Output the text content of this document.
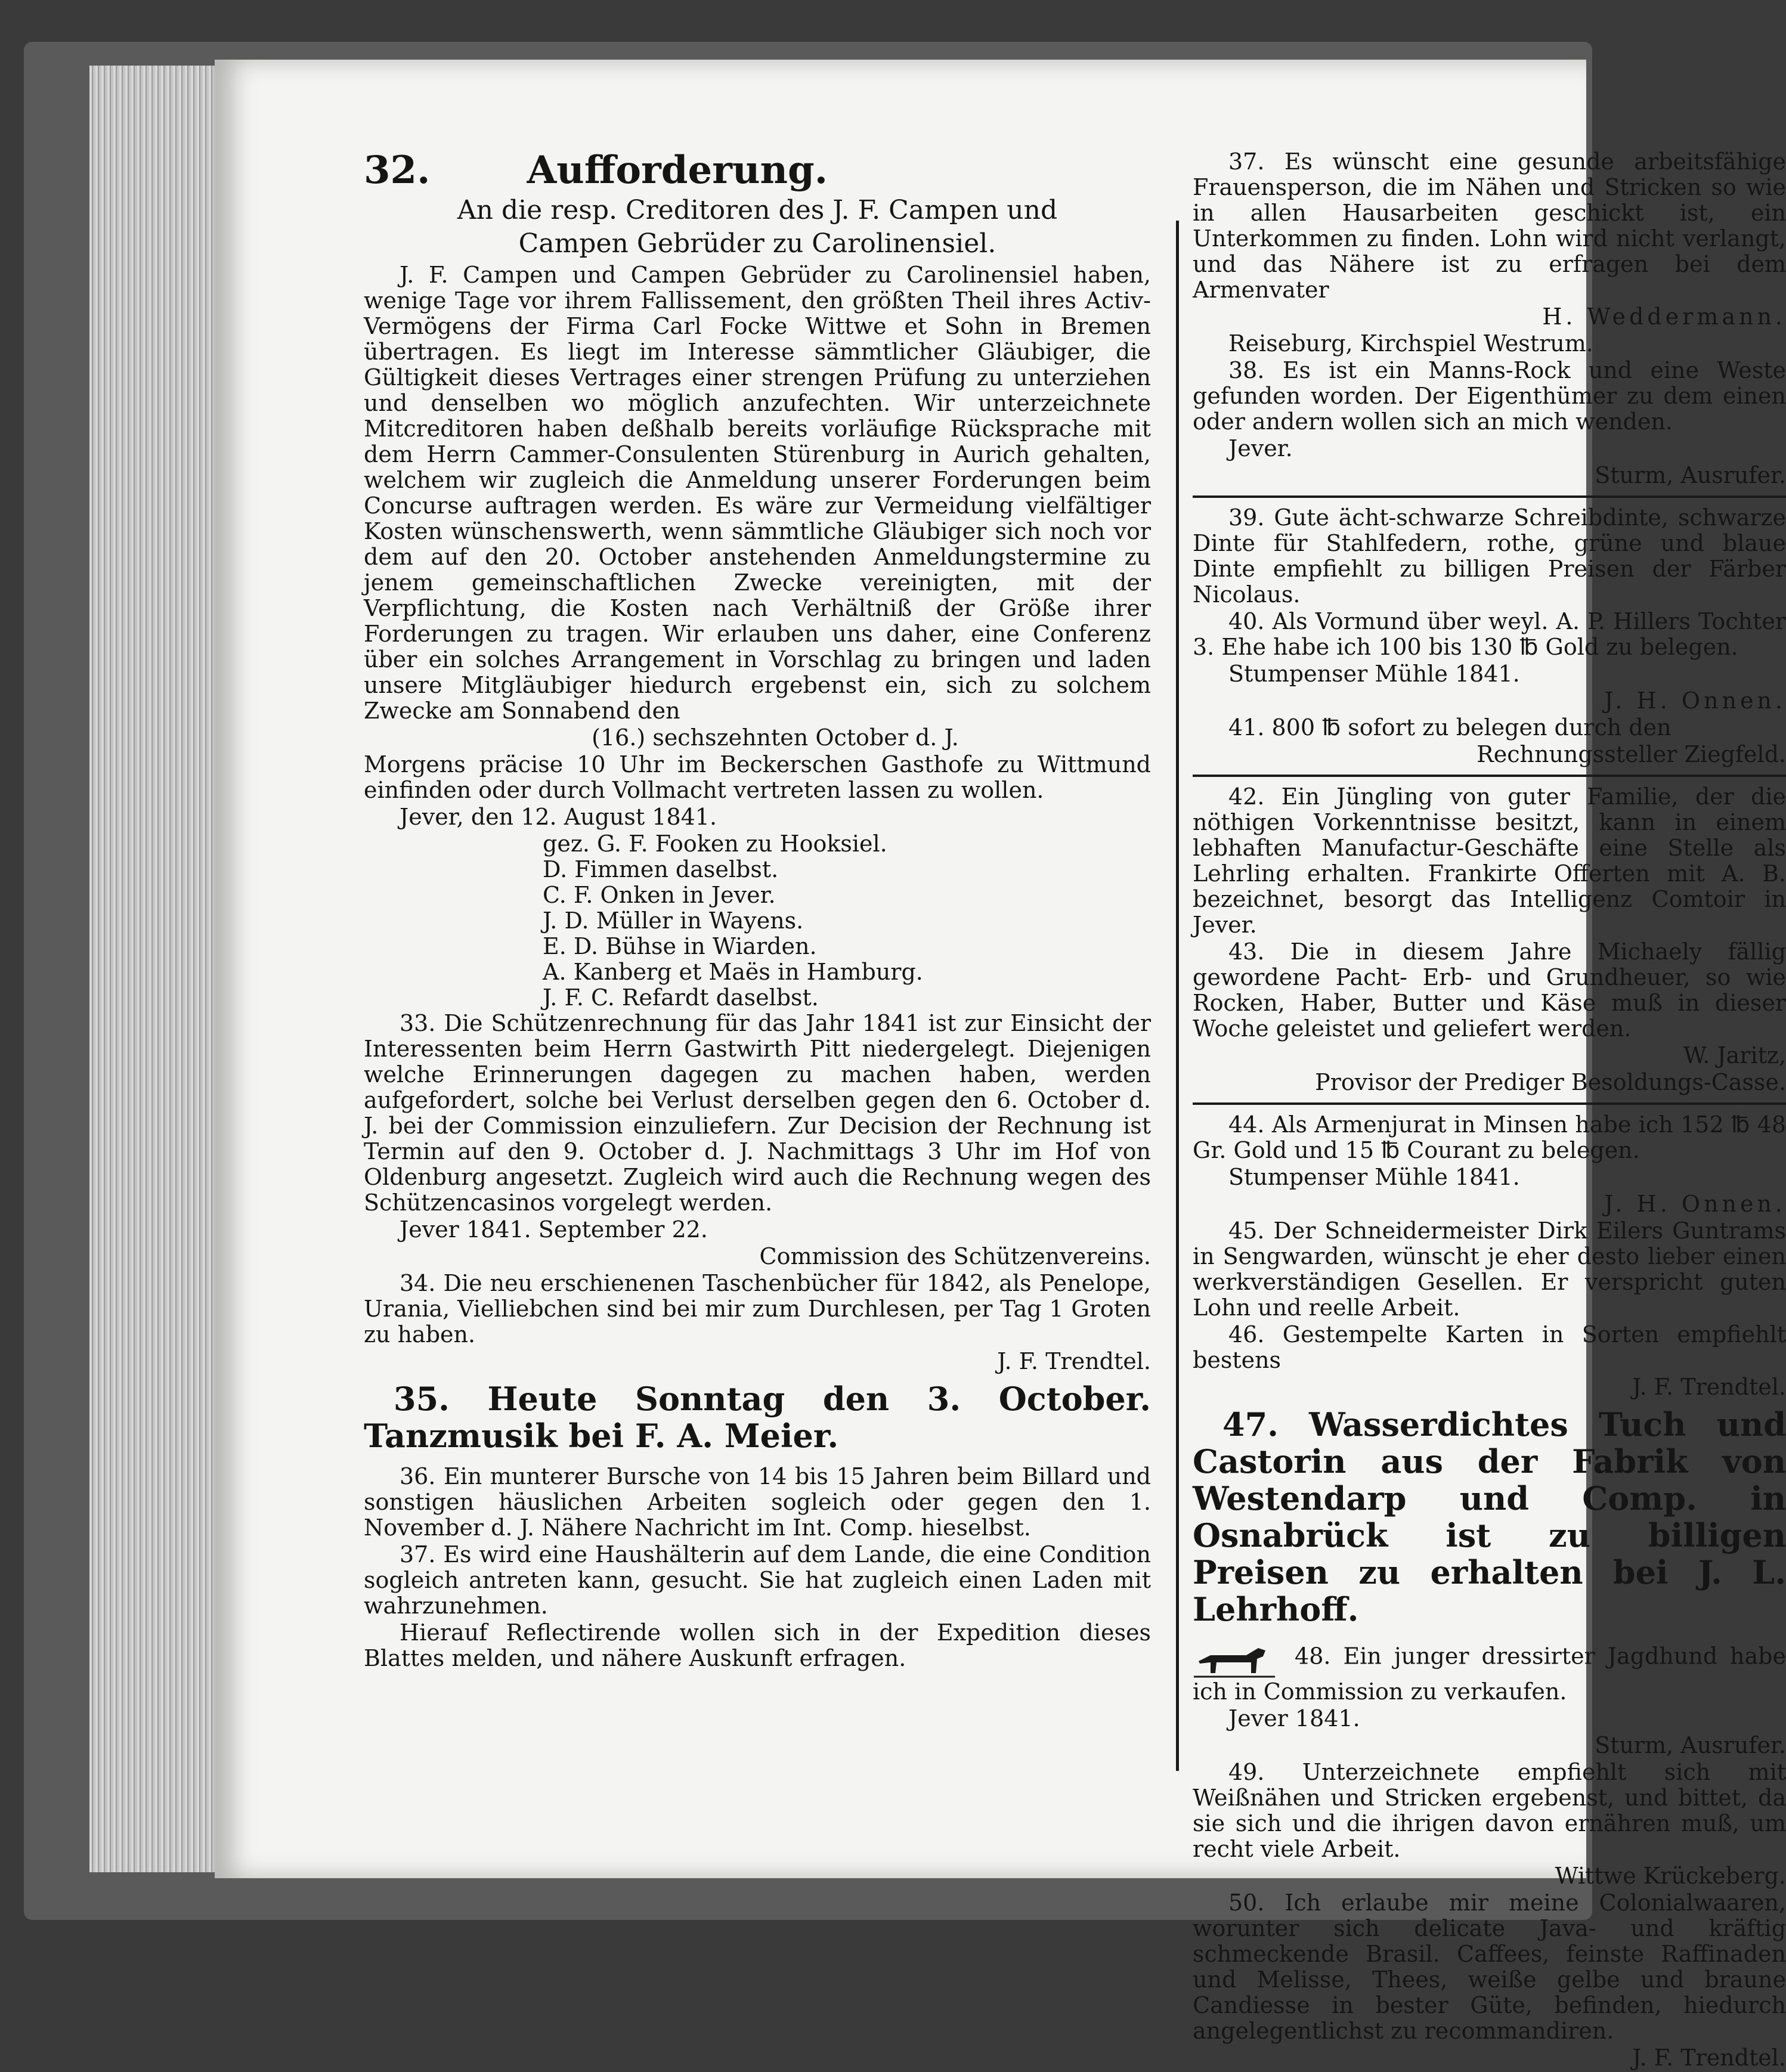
32.	Aufforderung.
An die resp. Creditoren des J. F. Campen und
Campen Gebrüder zu Carolinensiel.

J. F. Campen und Campen Gebrüder zu Carolinensiel haben, wenige Tage vor ihrem Fallissement, den größten Theil ihres Activ-Vermögens der Firma Carl Focke Wittwe et Sohn in Bremen übertragen. Es liegt im Interesse sämmtlicher Gläubiger, die Gültigkeit dieses Vertrages einer strengen Prüfung zu unterziehen und denselben wo möglich anzufechten. Wir unterzeichnete Mitcreditoren haben deßhalb bereits vorläufige Rücksprache mit dem Herrn Cammer-Consulenten Stürenburg in Aurich gehalten, welchem wir zugleich die Anmeldung unserer Forderungen beim Concurse auftragen werden. Es wäre zur Vermeidung vielfältiger Kosten wünschenswerth, wenn sämmtliche Gläubiger sich noch vor dem auf den 20. October anstehenden Anmeldungstermine zu jenem gemeinschaftlichen Zwecke vereinigten, mit der Verpflichtung, die Kosten nach Verhältniß der Größe ihrer Forderungen zu tragen. Wir erlauben uns daher, eine Conferenz über ein solches Arrangement in Vorschlag zu bringen und laden unsere Mitgläubiger hiedurch ergebenst ein, sich zu solchem Zwecke am Sonnabend den

(16.) sechszehnten October d. J.

Morgens präcise 10 Uhr im Beckerschen Gasthofe zu Wittmund einfinden oder durch Vollmacht vertreten lassen zu wollen.

Jever, den 12. August 1841.

gez. G. F. Fooken zu Hooksiel.
D. Fimmen daselbst.
C. F. Onken in Jever.
J. D. Müller in Wayens.
E. D. Bühse in Wiarden.
A. Kanberg et Maës in Hamburg.
J. F. C. Refardt daselbst.

33. Die Schützenrechnung für das Jahr 1841 ist zur Einsicht der Interessenten beim Herrn Gastwirth Pitt niedergelegt. Diejenigen welche Erinnerungen dagegen zu machen haben, werden aufgefordert, solche bei Verlust derselben gegen den 6. October d. J. bei der Commission einzuliefern. Zur Decision der Rechnung ist Termin auf den 9. October d. J. Nachmittags 3 Uhr im Hof von Oldenburg angesetzt. Zugleich wird auch die Rechnung wegen des Schützencasinos vorgelegt werden.

Jever 1841. September 22.

Commission des Schützenvereins.

34. Die neu erschienenen Taschenbücher für 1842, als Penelope, Urania, Vielliebchen sind bei mir zum Durchlesen, per Tag 1 Groten zu haben.

J. F. Trendtel.

35. Heute Sonntag den 3. October. Tanzmusik bei F. A. Meier.

36. Ein munterer Bursche von 14 bis 15 Jahren beim Billard und sonstigen häuslichen Arbeiten sogleich oder gegen den 1. November d. J. Nähere Nachricht im Int. Comp. hieselbst.

37. Es wird eine Haushälterin auf dem Lande, die eine Condition sogleich antreten kann, gesucht. Sie hat zugleich einen Laden mit wahrzunehmen.

Hierauf Reflectirende wollen sich in der Expedition dieses Blattes melden, und nähere Auskunft erfragen.

37. Es wünscht eine gesunde arbeitsfähige Frauensperson, die im Nähen und Stricken so wie in allen Hausarbeiten geschickt ist, ein Unterkommen zu finden. Lohn wird nicht verlangt, und das Nähere ist zu erfragen bei dem Armenvater

H. Weddermann.

Reiseburg, Kirchspiel Westrum.

38. Es ist ein Manns-Rock und eine Weste gefunden worden. Der Eigenthümer zu dem einen oder andern wollen sich an mich wenden.

Jever.

Sturm, Ausrufer.

39. Gute ächt-schwarze Schreibdinte, schwarze Dinte für Stahlfedern, rothe, grüne und blaue Dinte empfiehlt zu billigen Preisen der Färber Nicolaus.

40. Als Vormund über weyl. A. P. Hillers Tochter 3. Ehe habe ich 100 bis 130 ℔ Gold zu belegen.

Stumpenser Mühle 1841.

J. H. Onnen.

41. 800 ℔ sofort zu belegen durch den

Rechnungssteller Ziegfeld.

42. Ein Jüngling von guter Familie, der die nöthigen Vorkenntnisse besitzt, kann in einem lebhaften Manufactur-Geschäfte eine Stelle als Lehrling erhalten. Frankirte Offerten mit A. B. bezeichnet, besorgt das Intelligenz Comtoir in Jever.

43. Die in diesem Jahre Michaely fällig gewordene Pacht- Erb- und Grundheuer, so wie Rocken, Haber, Butter und Käse muß in dieser Woche geleistet und geliefert werden.

W. Jaritz,

Provisor der Prediger Besoldungs-Casse.

44. Als Armenjurat in Minsen habe ich 152 ℔ 48 Gr. Gold und 15 ℔ Courant zu belegen.

Stumpenser Mühle 1841.

J. H. Onnen.

45. Der Schneidermeister Dirk Eilers Guntrams in Sengwarden, wünscht je eher desto lieber einen werkverständigen Gesellen. Er verspricht guten Lohn und reelle Arbeit.

46. Gestempelte Karten in Sorten empfiehlt bestens

J. F. Trendtel.

47. Wasserdichtes Tuch und Castorin aus der Fabrik von Westendarp und Comp. in Osnabrück ist zu billigen Preisen zu erhalten bei J. L. Lehrhoff.

48. Ein junger dressirter Jagdhund habe ich in Commission zu verkaufen.

Jever 1841.

Sturm, Ausrufer.

49. Unterzeichnete empfiehlt sich mit Weißnähen und Stricken ergebenst, und bittet, da sie sich und die ihrigen davon ernähren muß, um recht viele Arbeit.

Wittwe Krückeberg.

50. Ich erlaube mir meine Colonialwaaren, worunter sich delicate Java- und kräftig schmeckende Brasil. Caffees, feinste Raffinaden und Melisse, Thees, weiße gelbe und braune Candiesse in bester Güte, befinden, hiedurch angelegentlichst zu recommandiren.

J. F. Trendtel.
